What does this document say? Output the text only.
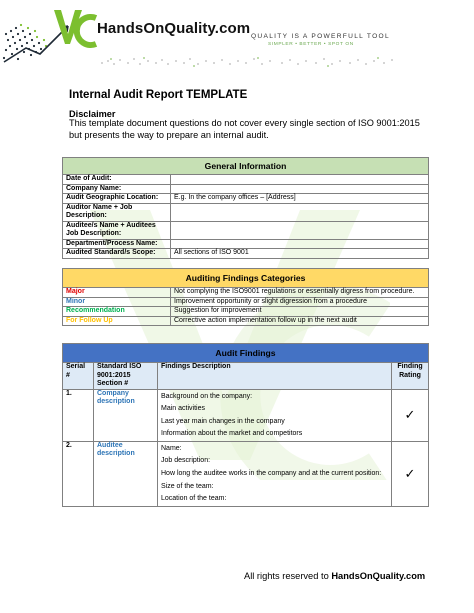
HandsOnQuality.com QUALITY IS A POWERFULL TOOL
SIMPLER • BETTER • SPOT ON
Internal Audit Report TEMPLATE
Disclaimer
This template document questions do not cover every single section of ISO 9001:2015 but presents the way to prepare an internal audit.
General Information	
Date of Audit:	
Company Name:	
Audit Geographic Location:	E.g. In the company offices – [Address]
Auditor Name + Job Description:	
Auditee/s Name + Auditees Job Description:	
Department/Process Name:	
Audited Standard/s Scope:	All sections of ISO 9001
Auditing Findings Categories	
Major	Not complying the ISO9001 regulations or essentially digress from procedure.
Minor	Improvement opportunity or slight digression from a procedure
Recommendation	Suggestion for improvement
For Follow Up	Corrective action implementation follow up in the next audit
Audit Findings			
Serial #	Standard ISO 9001:2015 Section #	Findings Description	Finding Rating
1.	Company description	Background on the company:
Main activities
Last year main changes in the company
Information about the market and competitors	✓
2.	Auditee description	Name:
Job description:
How long the auditee works in the company and at the current position:
Size of the team:
Location of the team:	✓
All rights reserved to HandsOnQuality.com
